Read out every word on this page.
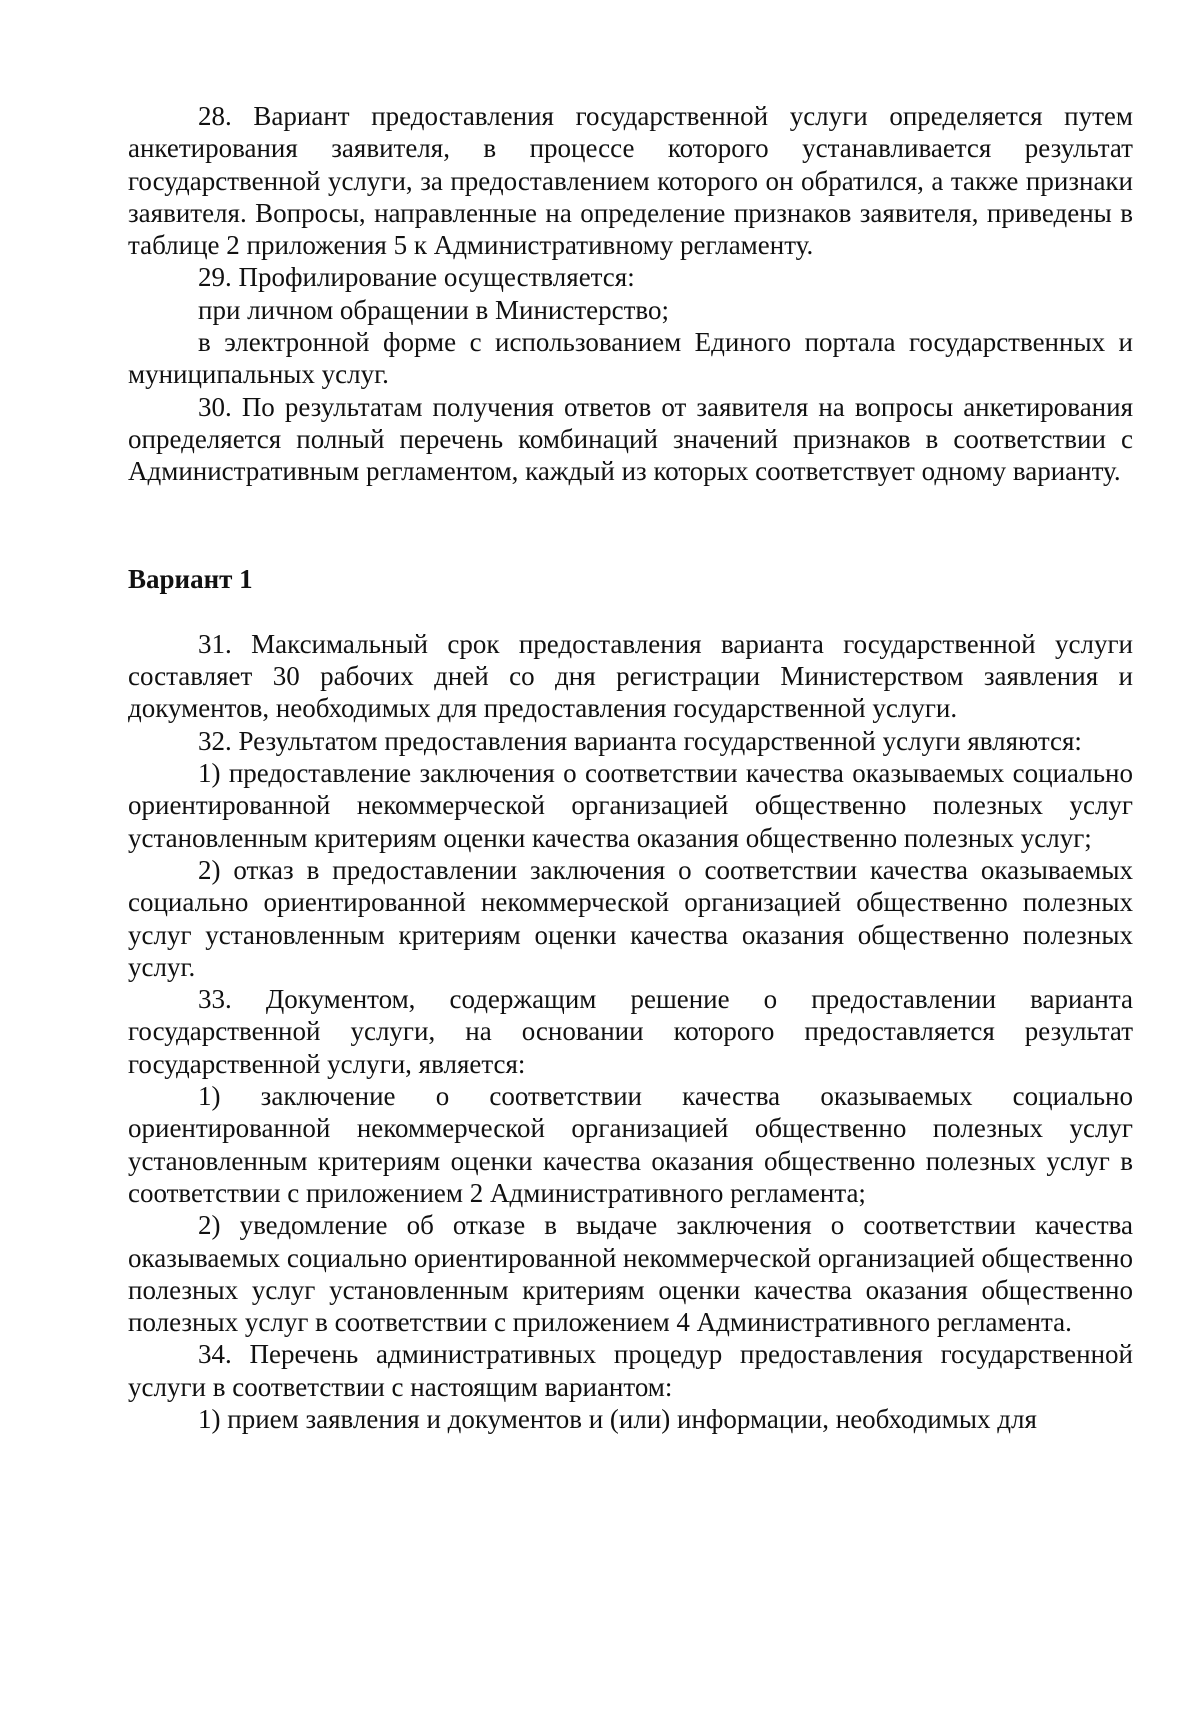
28. Вариант предоставления государственной услуги определяется путем анкетирования заявителя, в процессе которого устанавливается результат государственной услуги, за предоставлением которого он обратился, а также признаки заявителя. Вопросы, направленные на определение признаков заявителя, приведены в таблице 2 приложения 5 к Административному регламенту.

29. Профилирование осуществляется:

при личном обращении в Министерство;

в электронной форме с использованием Единого портала государственных и муниципальных услуг.

30. По результатам получения ответов от заявителя на вопросы анкетирования определяется полный перечень комбинаций значений признаков в соответствии с Административным регламентом, каждый из которых соответствует одному варианту.

Вариант 1

31. Максимальный срок предоставления варианта государственной услуги составляет 30 рабочих дней со дня регистрации Министерством заявления и документов, необходимых для предоставления государственной услуги.

32. Результатом предоставления варианта государственной услуги являются:

1) предоставление заключения о соответствии качества оказываемых социально ориентированной некоммерческой организацией общественно полезных услуг установленным критериям оценки качества оказания общественно полезных услуг;

2) отказ в предоставлении заключения о соответствии качества оказываемых социально ориентированной некоммерческой организацией общественно полезных услуг установленным критериям оценки качества оказания общественно полезных услуг.

33. Документом, содержащим решение о предоставлении варианта государственной услуги, на основании которого предоставляется результат государственной услуги, является:

1) заключение о соответствии качества оказываемых социально ориентированной некоммерческой организацией общественно полезных услуг установленным критериям оценки качества оказания общественно полезных услуг в соответствии с приложением 2 Административного регламента;

2) уведомление об отказе в выдаче заключения о соответствии качества оказываемых социально ориентированной некоммерческой организацией общественно полезных услуг установленным критериям оценки качества оказания общественно полезных услуг в соответствии с приложением 4 Административного регламента.

34. Перечень административных процедур предоставления государственной услуги в соответствии с настоящим вариантом:

1) прием заявления и документов и (или) информации, необходимых для
